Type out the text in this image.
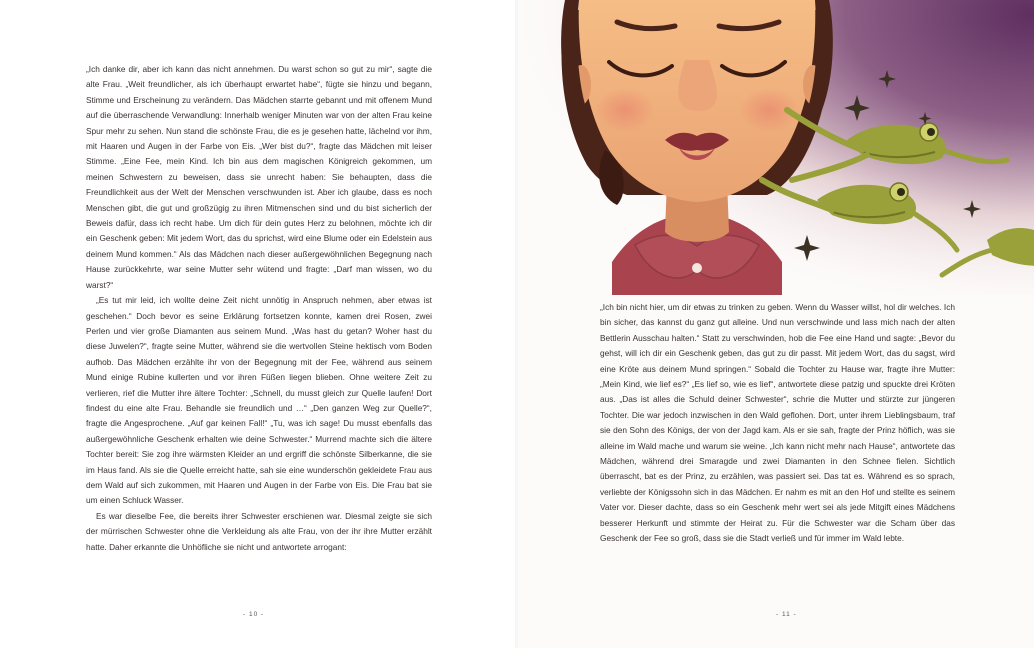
„Ich danke dir, aber ich kann das nicht annehmen. Du warst schon so gut zu mir“, sagte die alte Frau. „Weit freundlicher, als ich überhaupt erwartet habe“, fügte sie hinzu und begann, Stimme und Erscheinung zu verändern. Das Mädchen starrte gebannt und mit offenem Mund auf die überraschende Verwandlung: Innerhalb weniger Minuten war von der alten Frau keine Spur mehr zu sehen. Nun stand die schönste Frau, die es je gesehen hatte, lächelnd vor ihm, mit Haaren und Augen in der Farbe von Eis. „Wer bist du?“, fragte das Mädchen mit leiser Stimme. „Eine Fee, mein Kind. Ich bin aus dem magischen Königreich gekommen, um meinen Schwestern zu beweisen, dass sie unrecht haben: Sie behaupten, dass die Freundlichkeit aus der Welt der Menschen verschwunden ist. Aber ich glaube, dass es noch Menschen gibt, die gut und großzügig zu ihren Mitmenschen sind und du bist sicherlich der Beweis dafür, dass ich recht habe. Um dich für dein gutes Herz zu belohnen, möchte ich dir ein Geschenk geben: Mit jedem Wort, das du sprichst, wird eine Blume oder ein Edelstein aus deinem Mund kommen.“ Als das Mädchen nach dieser außergewöhnlichen Begegnung nach Hause zurückkehrte, war seine Mutter sehr wütend und fragte: „Darf man wissen, wo du warst?“

„Es tut mir leid, ich wollte deine Zeit nicht unnötig in Anspruch nehmen, aber etwas ist geschehen.“ Doch bevor es seine Erklärung fortsetzen konnte, kamen drei Rosen, zwei Perlen und vier große Diamanten aus seinem Mund. „Was hast du getan? Woher hast du diese Juwelen?“, fragte seine Mutter, während sie die wertvollen Steine hektisch vom Boden aufhob. Das Mädchen erzählte ihr von der Begegnung mit der Fee, während aus seinem Mund einige Rubine kullerten und vor ihren Füßen liegen blieben. Ohne weitere Zeit zu verlieren, rief die Mutter ihre ältere Tochter: „Schnell, du musst gleich zur Quelle laufen! Dort findest du eine alte Frau. Behandle sie freundlich und …“ „Den ganzen Weg zur Quelle?“, fragte die Angesprochene. „Auf gar keinen Fall!“ „Tu, was ich sage! Du musst ebenfalls das außergewöhnliche Geschenk erhalten wie deine Schwester.“ Murrend machte sich die ältere Tochter bereit: Sie zog ihre wärmsten Kleider an und ergriff die schönste Silberkanne, die sie im Haus fand. Als sie die Quelle erreicht hatte, sah sie eine wunderschön gekleidete Frau aus dem Wald auf sich zukommen, mit Haaren und Augen in der Farbe von Eis. Die Frau bat sie um einen Schluck Wasser.

Es war dieselbe Fee, die bereits ihrer Schwester erschienen war. Diesmal zeigte sie sich der mürrischen Schwester ohne die Verkleidung als alte Frau, von der ihr ihre Mutter erzählt hatte. Daher erkannte die Unhöfliche sie nicht und antwortete arrogant:

- 10 -	- 11 -

„Ich bin nicht hier, um dir etwas zu trinken zu geben. Wenn du Wasser willst, hol dir welches. Ich bin sicher, das kannst du ganz gut alleine. Und nun verschwinde und lass mich nach der alten Bettlerin Ausschau halten.“ Statt zu verschwinden, hob die Fee eine Hand und sagte: „Bevor du gehst, will ich dir ein Geschenk geben, das gut zu dir passt. Mit jedem Wort, das du sagst, wird eine Kröte aus deinem Mund springen.“ Sobald die Tochter zu Hause war, fragte ihre Mutter: „Mein Kind, wie lief es?“ „Es lief so, wie es lief“, antwortete diese patzig und spuckte drei Kröten aus. „Das ist alles die Schuld deiner Schwester“, schrie die Mutter und stürzte zur jüngeren Tochter. Die war jedoch inzwischen in den Wald geflohen. Dort, unter ihrem Lieblingsbaum, traf sie den Sohn des Königs, der von der Jagd kam. Als er sie sah, fragte der Prinz höflich, was sie alleine im Wald mache und warum sie weine. „Ich kann nicht mehr nach Hause“, antwortete das Mädchen, während drei Smaragde und zwei Diamanten in den Schnee fielen. Sichtlich überrascht, bat es der Prinz, zu erzählen, was passiert sei. Das tat es. Während es so sprach, verliebte der Königssohn sich in das Mädchen. Er nahm es mit an den Hof und stellte es seinem Vater vor. Dieser dachte, dass so ein Geschenk mehr wert sei als jede Mitgift eines Mädchens besserer Herkunft und stimmte der Heirat zu. Für die Schwester war die Scham über das Geschenk der Fee so groß, dass sie die Stadt verließ und für immer im Wald lebte.
